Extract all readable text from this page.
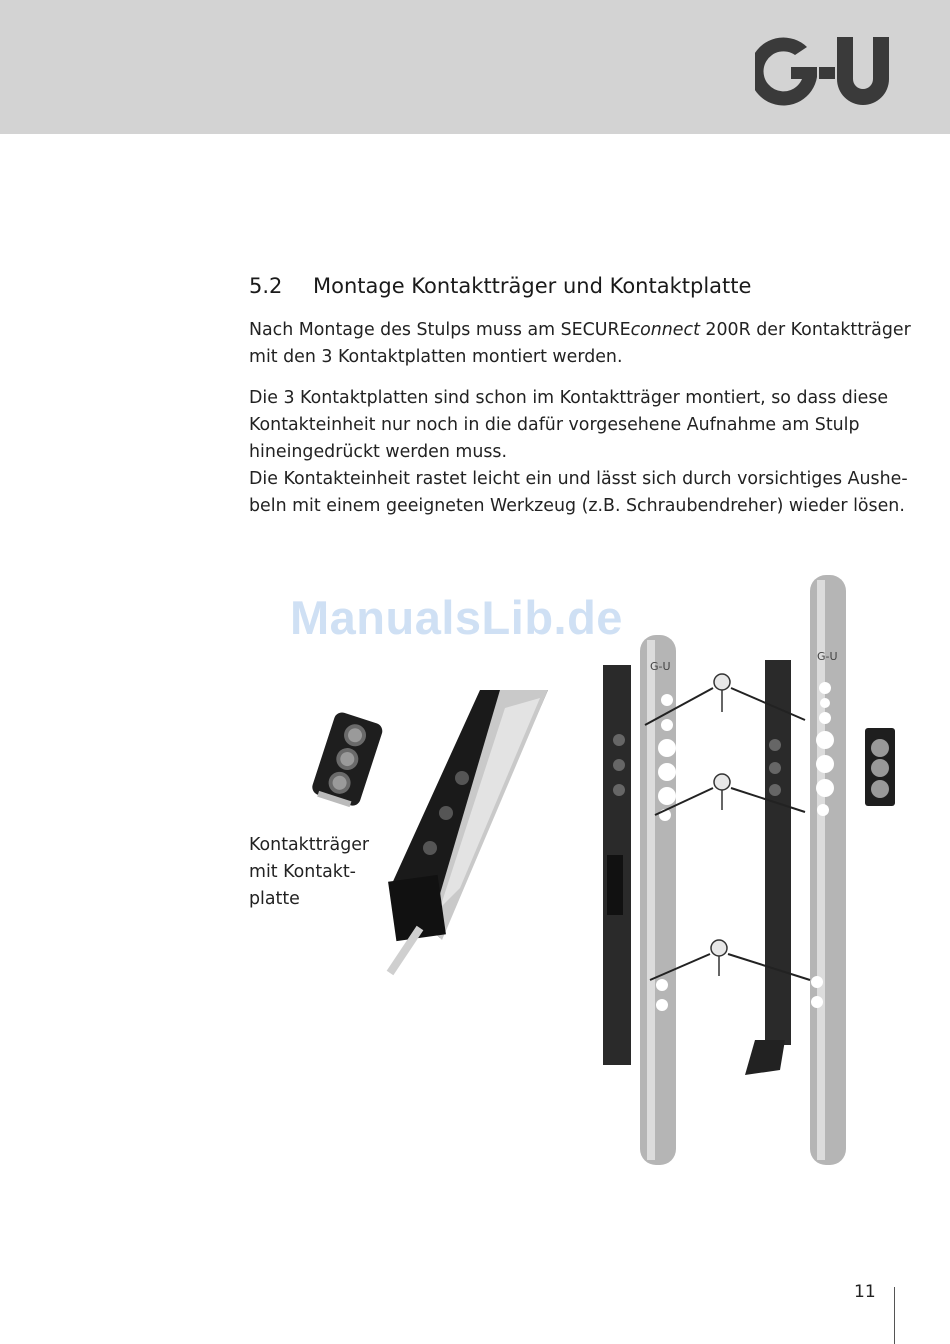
5.2 Montage Kontaktträger und Kontaktplatte

Nach Montage des Stulps muss am SECUREconnect 200R der Kontaktträger
mit den 3 Kontaktplatten montiert werden.

Die 3 Kontaktplatten sind schon im Kontaktträger montiert, so dass diese
Kontakteinheit nur noch in die dafür vorgesehene Aufnahme am Stulp
hineingedrückt werden muss.
Die Kontakteinheit rastet leicht ein und lässt sich durch vorsichtiges Aushe-
beln mit einem geeigneten Werkzeug (z.B. Schraubendreher) wieder lösen.

G-U
G-U
ManualsLib.de
Kontaktträger
mit Kontakt-
platte
11
